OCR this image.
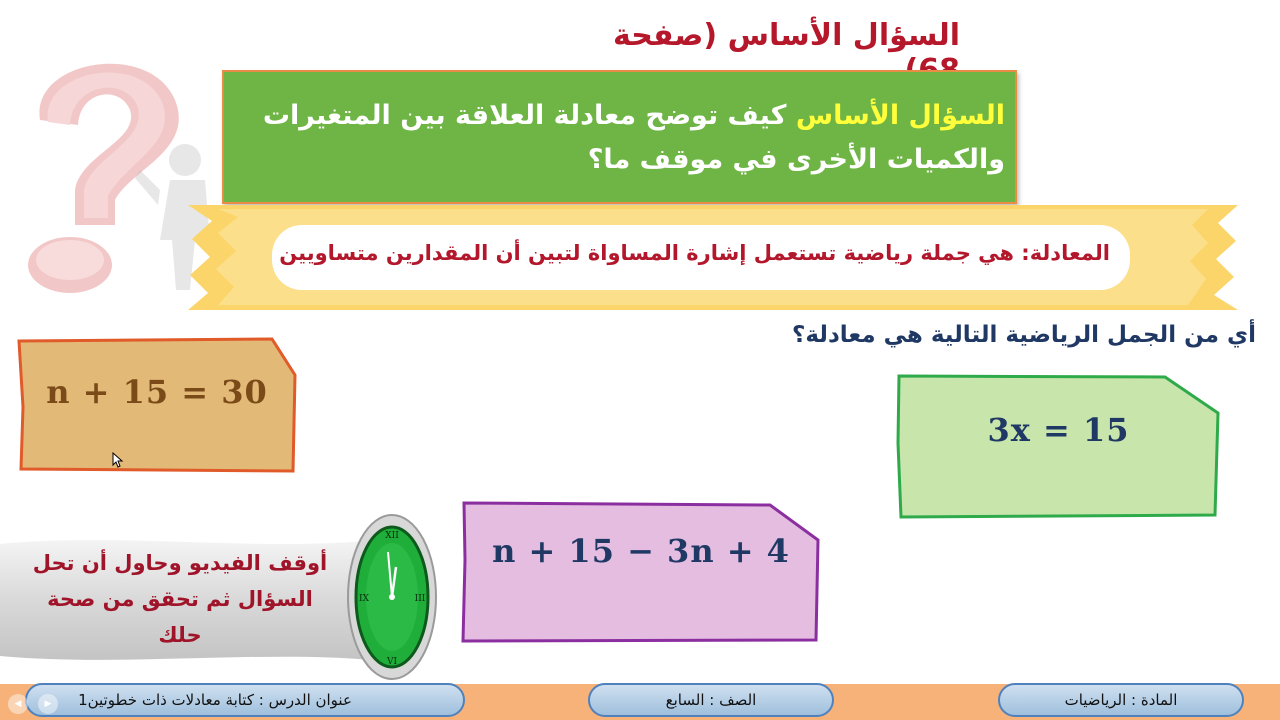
السؤال الأساس (صفحة
السؤال الأساس كيف توضح معادلة العلاقة بين المتغيرات والكميات الأخرى في موقف ما؟
المعادلة: هي جملة رياضية تستعمل إشارة المساواة لتبين أن المقدارين متساويين
أي من الجمل الرياضية التالية هي معادلة؟
n + 15 = 30
3x = 15
n + 15 − 3n + 4
أوقف الفيديو وحاول أن تحل السؤال ثم تحقق من صحة حلك
XII
VI
IX	III
المادة : الرياضيات
الصف : السابع
عنوان الدرس : كتابة معادلات ذات خطوتين1
◀	▶
